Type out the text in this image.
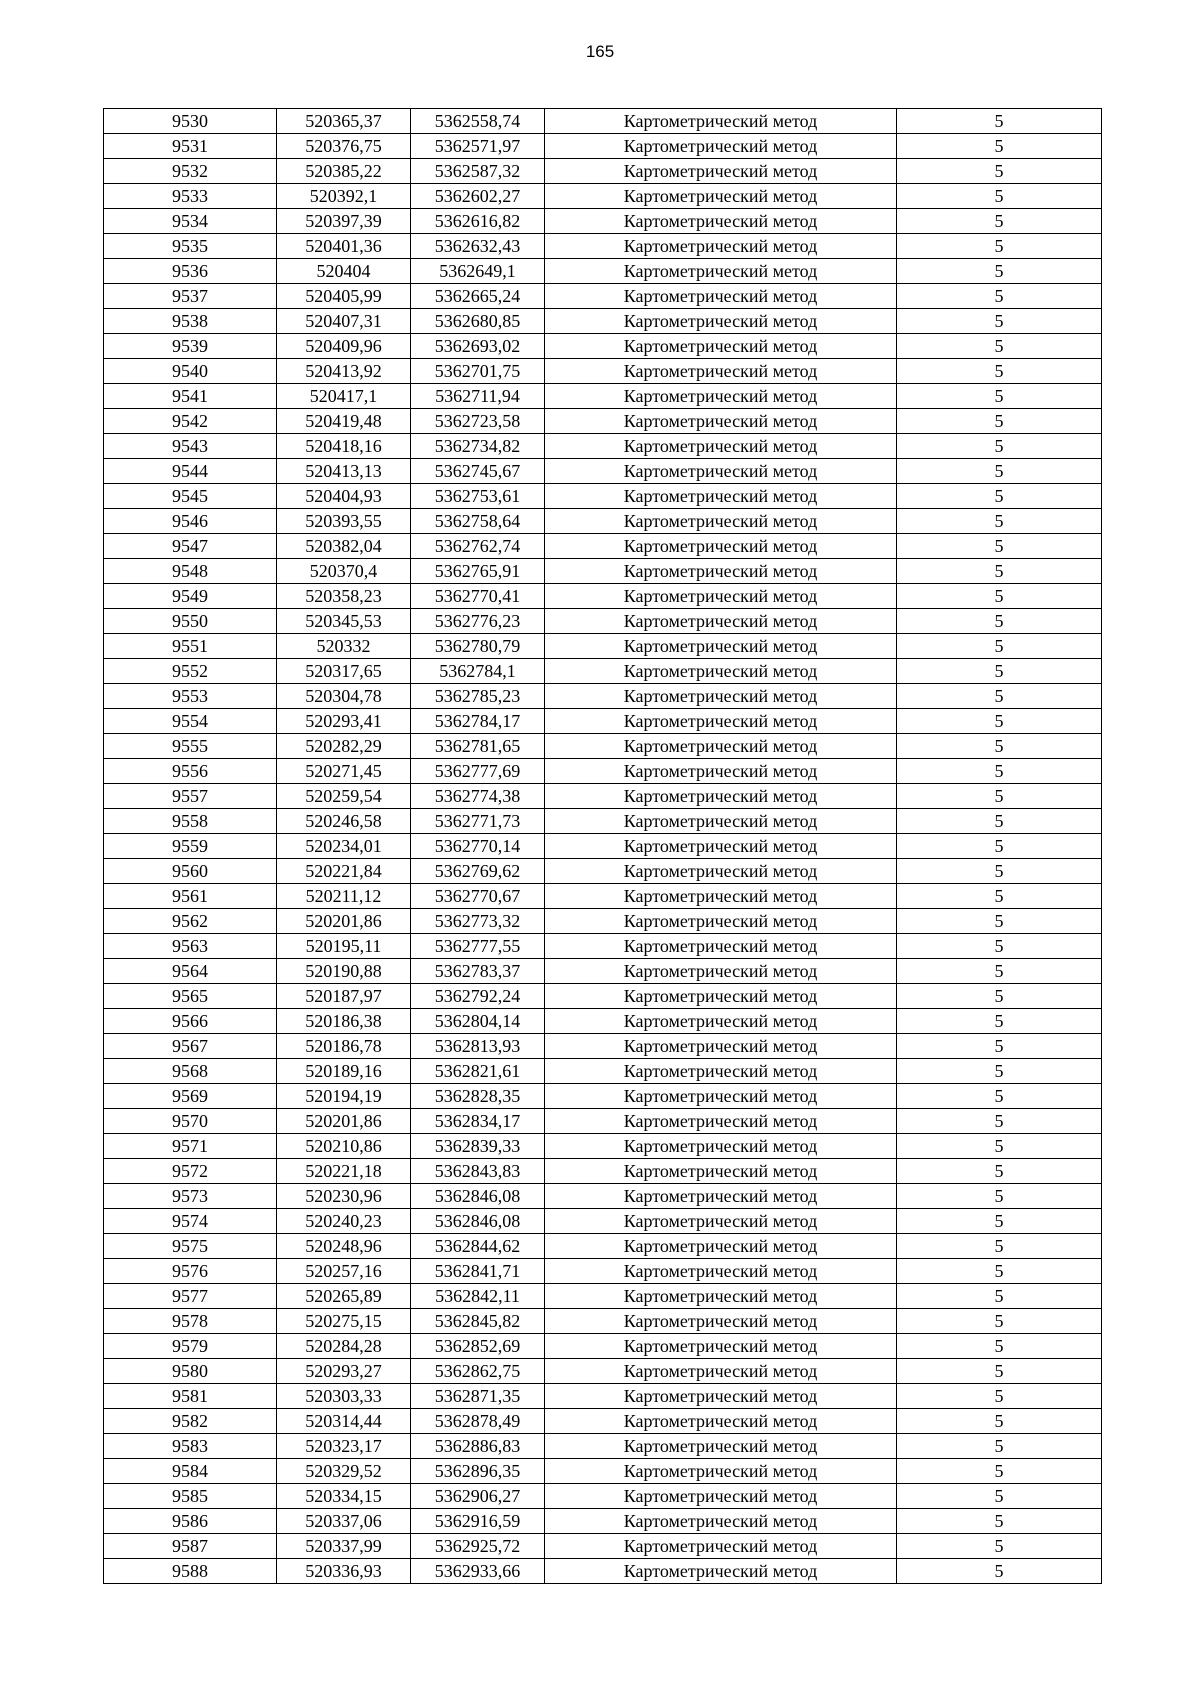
165
9530	520365,37	5362558,74	Картометрический метод	5
9531	520376,75	5362571,97	Картометрический метод	5
9532	520385,22	5362587,32	Картометрический метод	5
9533	520392,1	5362602,27	Картометрический метод	5
9534	520397,39	5362616,82	Картометрический метод	5
9535	520401,36	5362632,43	Картометрический метод	5
9536	520404	5362649,1	Картометрический метод	5
9537	520405,99	5362665,24	Картометрический метод	5
9538	520407,31	5362680,85	Картометрический метод	5
9539	520409,96	5362693,02	Картометрический метод	5
9540	520413,92	5362701,75	Картометрический метод	5
9541	520417,1	5362711,94	Картометрический метод	5
9542	520419,48	5362723,58	Картометрический метод	5
9543	520418,16	5362734,82	Картометрический метод	5
9544	520413,13	5362745,67	Картометрический метод	5
9545	520404,93	5362753,61	Картометрический метод	5
9546	520393,55	5362758,64	Картометрический метод	5
9547	520382,04	5362762,74	Картометрический метод	5
9548	520370,4	5362765,91	Картометрический метод	5
9549	520358,23	5362770,41	Картометрический метод	5
9550	520345,53	5362776,23	Картометрический метод	5
9551	520332	5362780,79	Картометрический метод	5
9552	520317,65	5362784,1	Картометрический метод	5
9553	520304,78	5362785,23	Картометрический метод	5
9554	520293,41	5362784,17	Картометрический метод	5
9555	520282,29	5362781,65	Картометрический метод	5
9556	520271,45	5362777,69	Картометрический метод	5
9557	520259,54	5362774,38	Картометрический метод	5
9558	520246,58	5362771,73	Картометрический метод	5
9559	520234,01	5362770,14	Картометрический метод	5
9560	520221,84	5362769,62	Картометрический метод	5
9561	520211,12	5362770,67	Картометрический метод	5
9562	520201,86	5362773,32	Картометрический метод	5
9563	520195,11	5362777,55	Картометрический метод	5
9564	520190,88	5362783,37	Картометрический метод	5
9565	520187,97	5362792,24	Картометрический метод	5
9566	520186,38	5362804,14	Картометрический метод	5
9567	520186,78	5362813,93	Картометрический метод	5
9568	520189,16	5362821,61	Картометрический метод	5
9569	520194,19	5362828,35	Картометрический метод	5
9570	520201,86	5362834,17	Картометрический метод	5
9571	520210,86	5362839,33	Картометрический метод	5
9572	520221,18	5362843,83	Картометрический метод	5
9573	520230,96	5362846,08	Картометрический метод	5
9574	520240,23	5362846,08	Картометрический метод	5
9575	520248,96	5362844,62	Картометрический метод	5
9576	520257,16	5362841,71	Картометрический метод	5
9577	520265,89	5362842,11	Картометрический метод	5
9578	520275,15	5362845,82	Картометрический метод	5
9579	520284,28	5362852,69	Картометрический метод	5
9580	520293,27	5362862,75	Картометрический метод	5
9581	520303,33	5362871,35	Картометрический метод	5
9582	520314,44	5362878,49	Картометрический метод	5
9583	520323,17	5362886,83	Картометрический метод	5
9584	520329,52	5362896,35	Картометрический метод	5
9585	520334,15	5362906,27	Картометрический метод	5
9586	520337,06	5362916,59	Картометрический метод	5
9587	520337,99	5362925,72	Картометрический метод	5
9588	520336,93	5362933,66	Картометрический метод	5
